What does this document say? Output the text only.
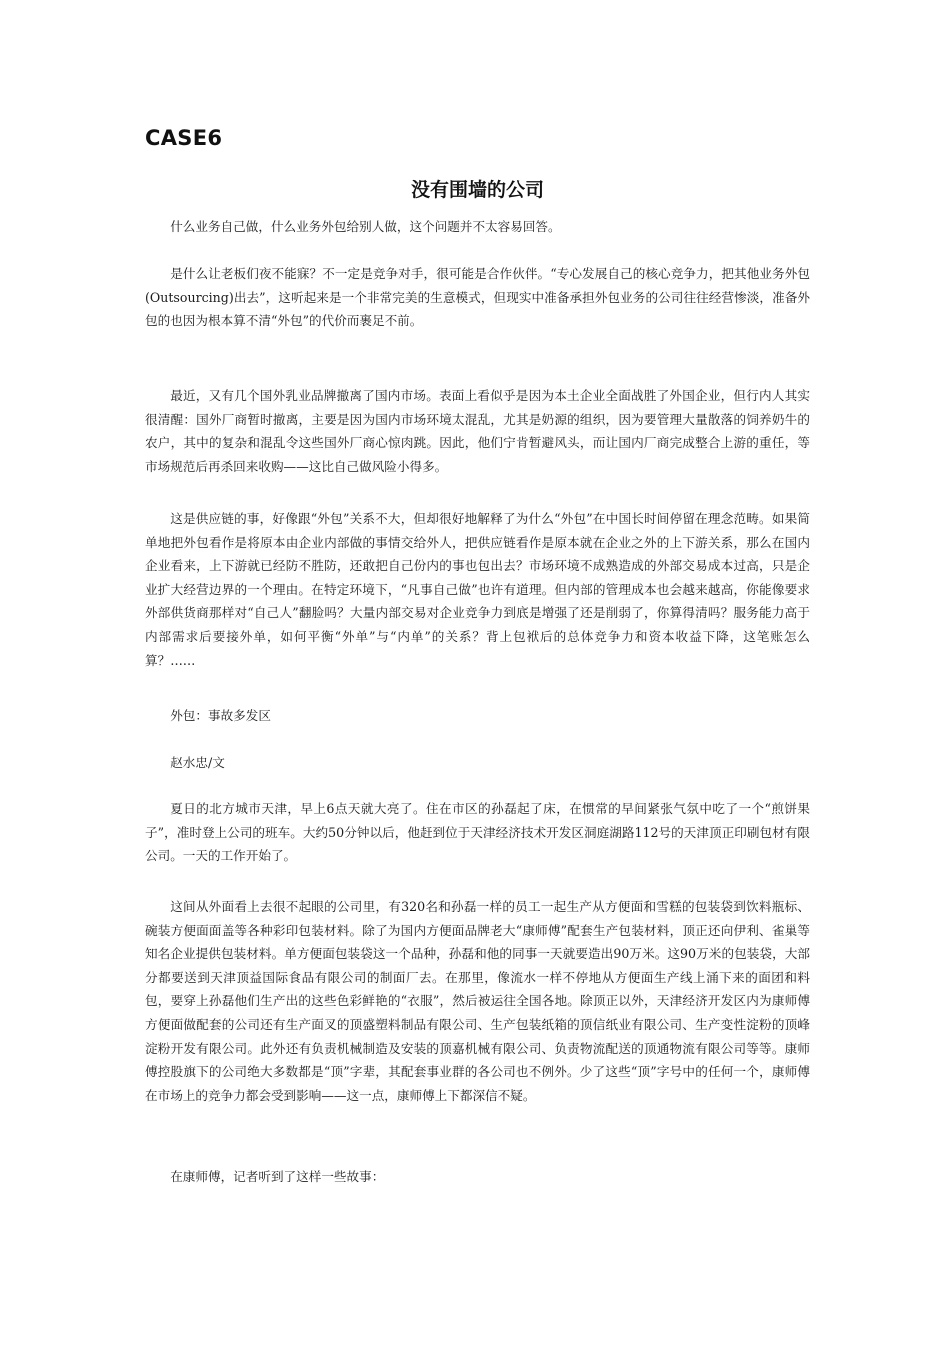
CASE6
没有围墙的公司

什么业务自己做，什么业务外包给别人做，这个问题并不太容易回答。

是什么让老板们夜不能寐？不一定是竞争对手，很可能是合作伙伴。“专心发展自己的核心竞争力，把其他业务外包(Outsourcing)出去”，这听起来是一个非常完美的生意模式，但现实中准备承担外包业务的公司往往经营惨淡，准备外包的也因为根本算不清“外包”的代价而裹足不前。

最近，又有几个国外乳业品牌撤离了国内市场。表面上看似乎是因为本土企业全面战胜了外国企业，但行内人其实很清醒：国外厂商暂时撤离，主要是因为国内市场环境太混乱，尤其是奶源的组织，因为要管理大量散落的饲养奶牛的农户，其中的复杂和混乱令这些国外厂商心惊肉跳。因此，他们宁肯暂避风头，而让国内厂商完成整合上游的重任，等市场规范后再杀回来收购——这比自己做风险小得多。

这是供应链的事，好像跟“外包”关系不大，但却很好地解释了为什么“外包”在中国长时间停留在理念范畴。如果简单地把外包看作是将原本由企业内部做的事情交给外人，把供应链看作是原本就在企业之外的上下游关系，那么在国内企业看来，上下游就已经防不胜防，还敢把自己份内的事也包出去？市场环境不成熟造成的外部交易成本过高，只是企业扩大经营边界的一个理由。在特定环境下，“凡事自己做”也许有道理。但内部的管理成本也会越来越高，你能像要求外部供货商那样对“自己人”翻脸吗？大量内部交易对企业竞争力到底是增强了还是削弱了，你算得清吗？服务能力高于内部需求后要接外单，如何平衡“外单”与“内单”的关系？背上包袱后的总体竞争力和资本收益下降，这笔账怎么算？……

外包：事故多发区

赵水忠/文

夏日的北方城市天津，早上6点天就大亮了。住在市区的孙磊起了床，在惯常的早间紧张气氛中吃了一个“煎饼果子”，准时登上公司的班车。大约50分钟以后，他赶到位于天津经济技术开发区洞庭湖路112号的天津顶正印刷包材有限公司。一天的工作开始了。

这间从外面看上去很不起眼的公司里，有320名和孙磊一样的员工一起生产从方便面和雪糕的包装袋到饮料瓶标、碗装方便面面盖等各种彩印包装材料。除了为国内方便面品牌老大“康师傅”配套生产包装材料，顶正还向伊利、雀巢等知名企业提供包装材料。单方便面包装袋这一个品种，孙磊和他的同事一天就要造出90万米。这90万米的包装袋，大部分都要送到天津顶益国际食品有限公司的制面厂去。在那里，像流水一样不停地从方便面生产线上涌下来的面团和料包，要穿上孙磊他们生产出的这些色彩鲜艳的“衣服”，然后被运往全国各地。除顶正以外，天津经济开发区内为康师傅方便面做配套的公司还有生产面叉的顶盛塑料制品有限公司、生产包装纸箱的顶信纸业有限公司、生产变性淀粉的顶峰淀粉开发有限公司。此外还有负责机械制造及安装的顶嘉机械有限公司、负责物流配送的顶通物流有限公司等等。康师傅控股旗下的公司绝大多数都是“顶”字辈，其配套事业群的各公司也不例外。少了这些“顶”字号中的任何一个，康师傅在市场上的竞争力都会受到影响——这一点，康师傅上下都深信不疑。

在康师傅，记者听到了这样一些故事：
